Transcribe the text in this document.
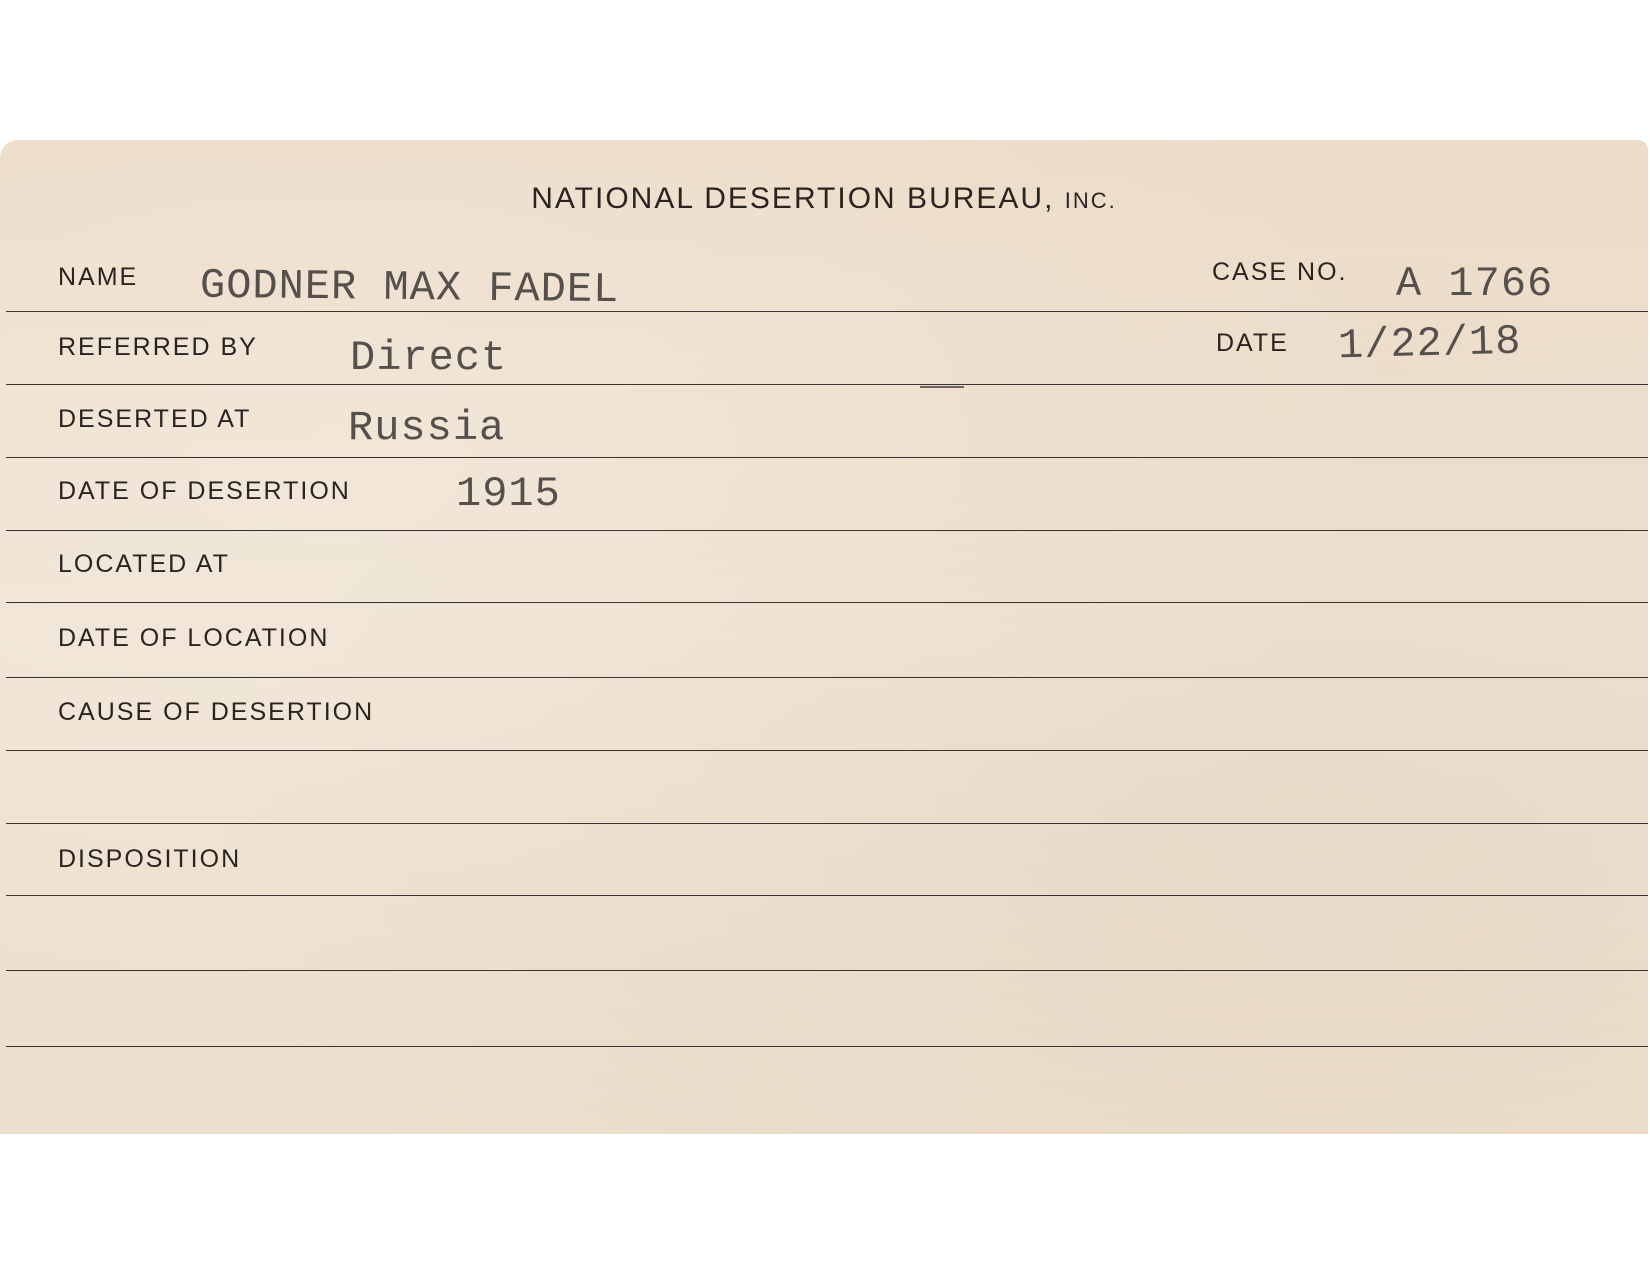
NATIONAL DESERTION BUREAU, INC.
NAME GODNER MAX FADEL	CASE NO. A 1766
REFERRED BY Direct	DATE 1/22/18
DESERTED AT Russia
DATE OF DESERTION	1915
LOCATED AT
DATE OF LOCATION
CAUSE OF DESERTION
DISPOSITION
